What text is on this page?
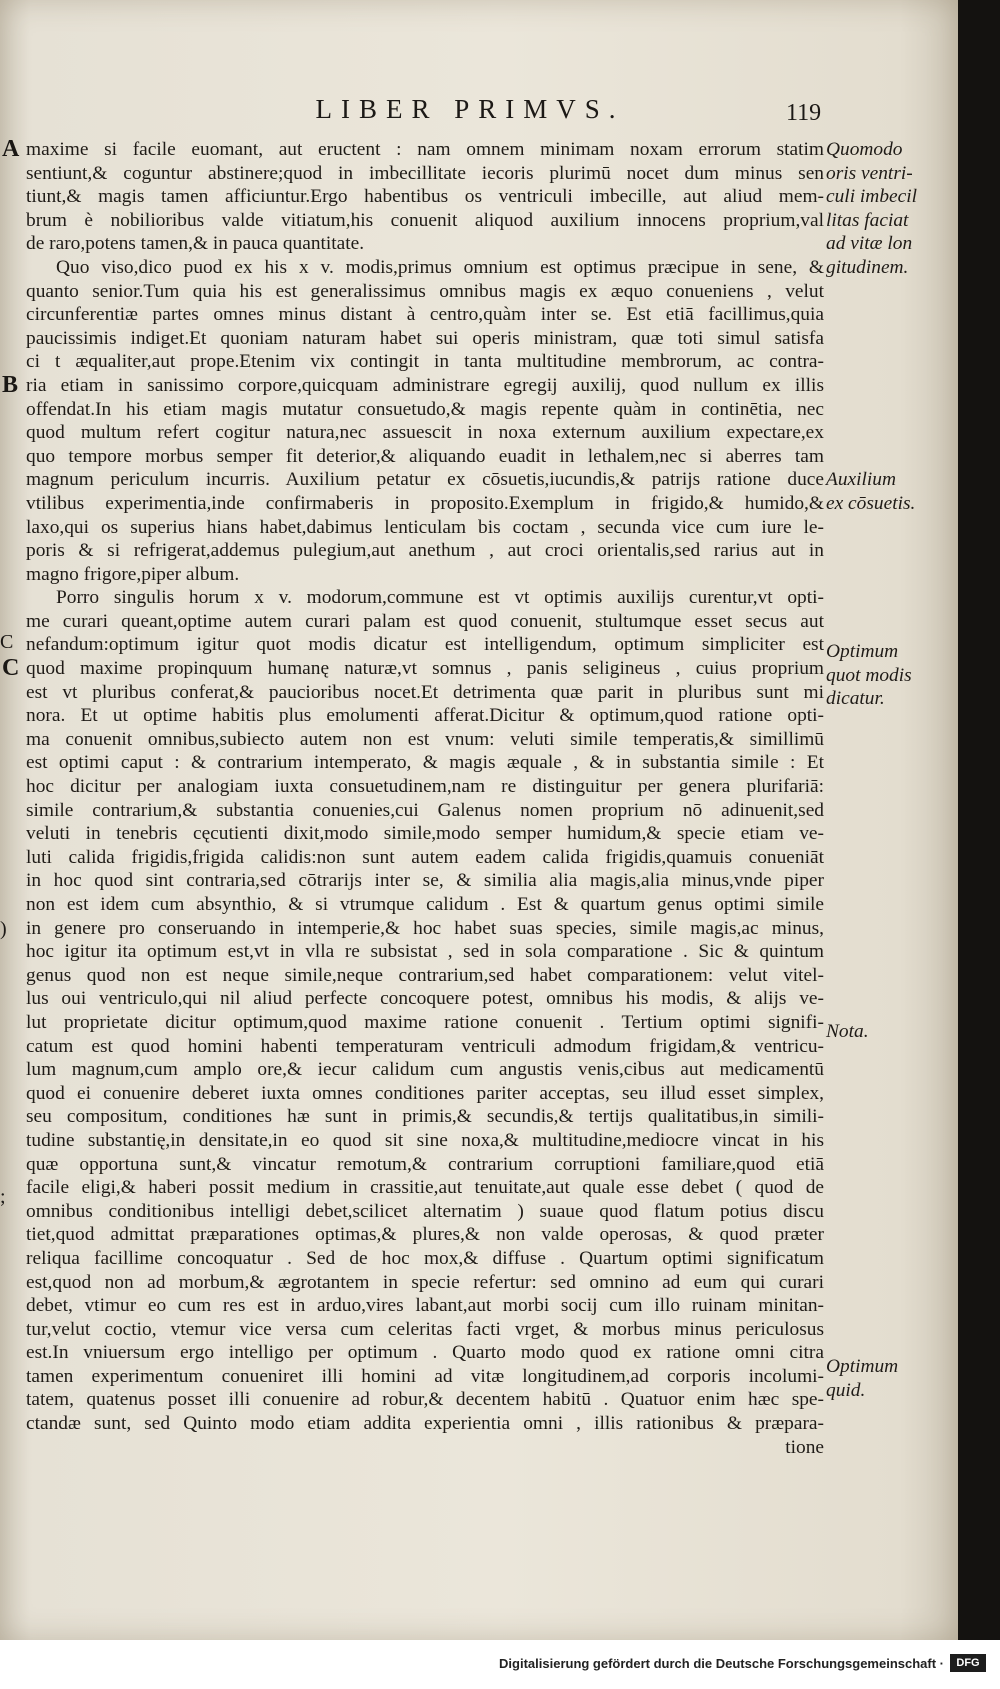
LIBER PRIMVS.	119
A
B
C
C
)
;
maxime si facile euomant, aut eructent : nam omnem minimam noxam errorum statim
sentiunt,& coguntur abstinere;quod in imbecillitate iecoris plurimū nocet dum minus sen
tiunt,& magis tamen afficiuntur.Ergo habentibus os ventriculi imbecille, aut aliud mem-
brum è nobilioribus valde vitiatum,his conuenit aliquod auxilium innocens proprium,val
de raro,potens tamen,& in pauca quantitate.
Quo viso,dico puod ex his x v. modis,primus omnium est optimus præcipue in sene, &
quanto senior.Tum quia his est generalissimus omnibus magis ex æquo conueniens , velut
circunferentiæ partes omnes minus distant à centro,quàm inter se. Est etiā facillimus,quia
paucissimis indiget.Et quoniam naturam habet sui operis ministram, quæ toti simul satisfa
ci t æqualiter,aut prope.Etenim vix contingit in tanta multitudine membrorum, ac contra-
ria etiam in sanissimo corpore,quicquam administrare egregij auxilij, quod nullum ex illis
offendat.In his etiam magis mutatur consuetudo,& magis repente quàm in continētia, nec
quod multum refert cogitur natura,nec assuescit in noxa externum auxilium expectare,ex
quo tempore morbus semper fit deterior,& aliquando euadit in lethalem,nec si aberres tam
magnum periculum incurris. Auxilium petatur ex cōsuetis,iucundis,& patrijs ratione duce
vtilibus experimentia,inde confirmaberis in proposito.Exemplum in frigido,& humido,&
laxo,qui os superius hians habet,dabimus lenticulam bis coctam , secunda vice cum iure le-
poris & si refrigerat,addemus pulegium,aut anethum , aut croci orientalis,sed rarius aut in
magno frigore,piper album.
Porro singulis horum x v. modorum,commune est vt optimis auxilijs curentur,vt opti-
me curari queant,optime autem curari palam est quod conuenit, stultumque esset secus aut
nefandum:optimum igitur quot modis dicatur est intelligendum, optimum simpliciter est
quod maxime propinquum humanę naturæ,vt somnus , panis seligineus , cuius proprium
est vt pluribus conferat,& paucioribus nocet.Et detrimenta quæ parit in pluribus sunt mi
nora. Et ut optime habitis plus emolumenti afferat.Dicitur & optimum,quod ratione opti-
ma conuenit omnibus,subiecto autem non est vnum: veluti simile temperatis,& simillimū
est optimi caput : & contrarium intemperato, & magis æquale , & in substantia simile : Et
hoc dicitur per analogiam iuxta consuetudinem,nam re distinguitur per genera plurifariā:
simile contrarium,& substantia conuenies,cui Galenus nomen proprium nō adinuenit,sed
veluti in tenebris cęcutienti dixit,modo simile,modo semper humidum,& specie etiam ve-
luti calida frigidis,frigida calidis:non sunt autem eadem calida frigidis,quamuis conueniāt
in hoc quod sint contraria,sed cōtrarijs inter se, & similia alia magis,alia minus,vnde piper
non est idem cum absynthio, & si vtrumque calidum . Est & quartum genus optimi simile
in genere pro conseruando in intemperie,& hoc habet suas species, simile magis,ac minus,
hoc igitur ita optimum est,vt in vlla re subsistat , sed in sola comparatione . Sic & quintum
genus quod non est neque simile,neque contrarium,sed habet comparationem: velut vitel-
lus oui ventriculo,qui nil aliud perfecte concoquere potest, omnibus his modis, & alijs ve-
lut proprietate dicitur optimum,quod maxime ratione conuenit . Tertium optimi signifi-
catum est quod homini habenti temperaturam ventriculi admodum frigidam,& ventricu-
lum magnum,cum amplo ore,& iecur calidum cum angustis venis,cibus aut medicamentū
quod ei conuenire deberet iuxta omnes conditiones pariter acceptas, seu illud esset simplex,
seu compositum, conditiones hæ sunt in primis,& secundis,& tertijs qualitatibus,in simili-
tudine substantię,in densitate,in eo quod sit sine noxa,& multitudine,mediocre vincat in his
quæ opportuna sunt,& vincatur remotum,& contrarium corruptioni familiare,quod etiā
facile eligi,& haberi possit medium in crassitie,aut tenuitate,aut quale esse debet ( quod de
omnibus conditionibus intelligi debet,scilicet alternatim ) suaue quod flatum potius discu
tiet,quod admittat præparationes optimas,& plures,& non valde operosas, & quod præter
reliqua facillime concoquatur . Sed de hoc mox,& diffuse . Quartum optimi significatum
est,quod non ad morbum,& ægrotantem in specie refertur: sed omnino ad eum qui curari
debet, vtimur eo cum res est in arduo,vires labant,aut morbi socij cum illo ruinam minitan-
tur,velut coctio, vtemur vice versa cum celeritas facti vrget, & morbus minus periculosus
est.In vniuersum ergo intelligo per optimum . Quarto modo quod ex ratione omni citra
tamen experimentum conueniret illi homini ad vitæ longitudinem,ad corporis incolumi-
tatem, quatenus posset illi conuenire ad robur,& decentem habitū . Quatuor enim hæc spe-
ctandæ sunt, sed Quinto modo etiam addita experientia omni , illis rationibus & præpara-
tione
Quomodo
oris ventri-
culi imbecil
litas faciat
ad vitæ lon
gitudinem.
Auxilium
ex cōsuetis.
Optimum
quot modis
dicatur.
Nota.
Optimum
quid.
Digitalisierung gefördert durch die Deutsche Forschungsgemeinschaft ·	DFG
